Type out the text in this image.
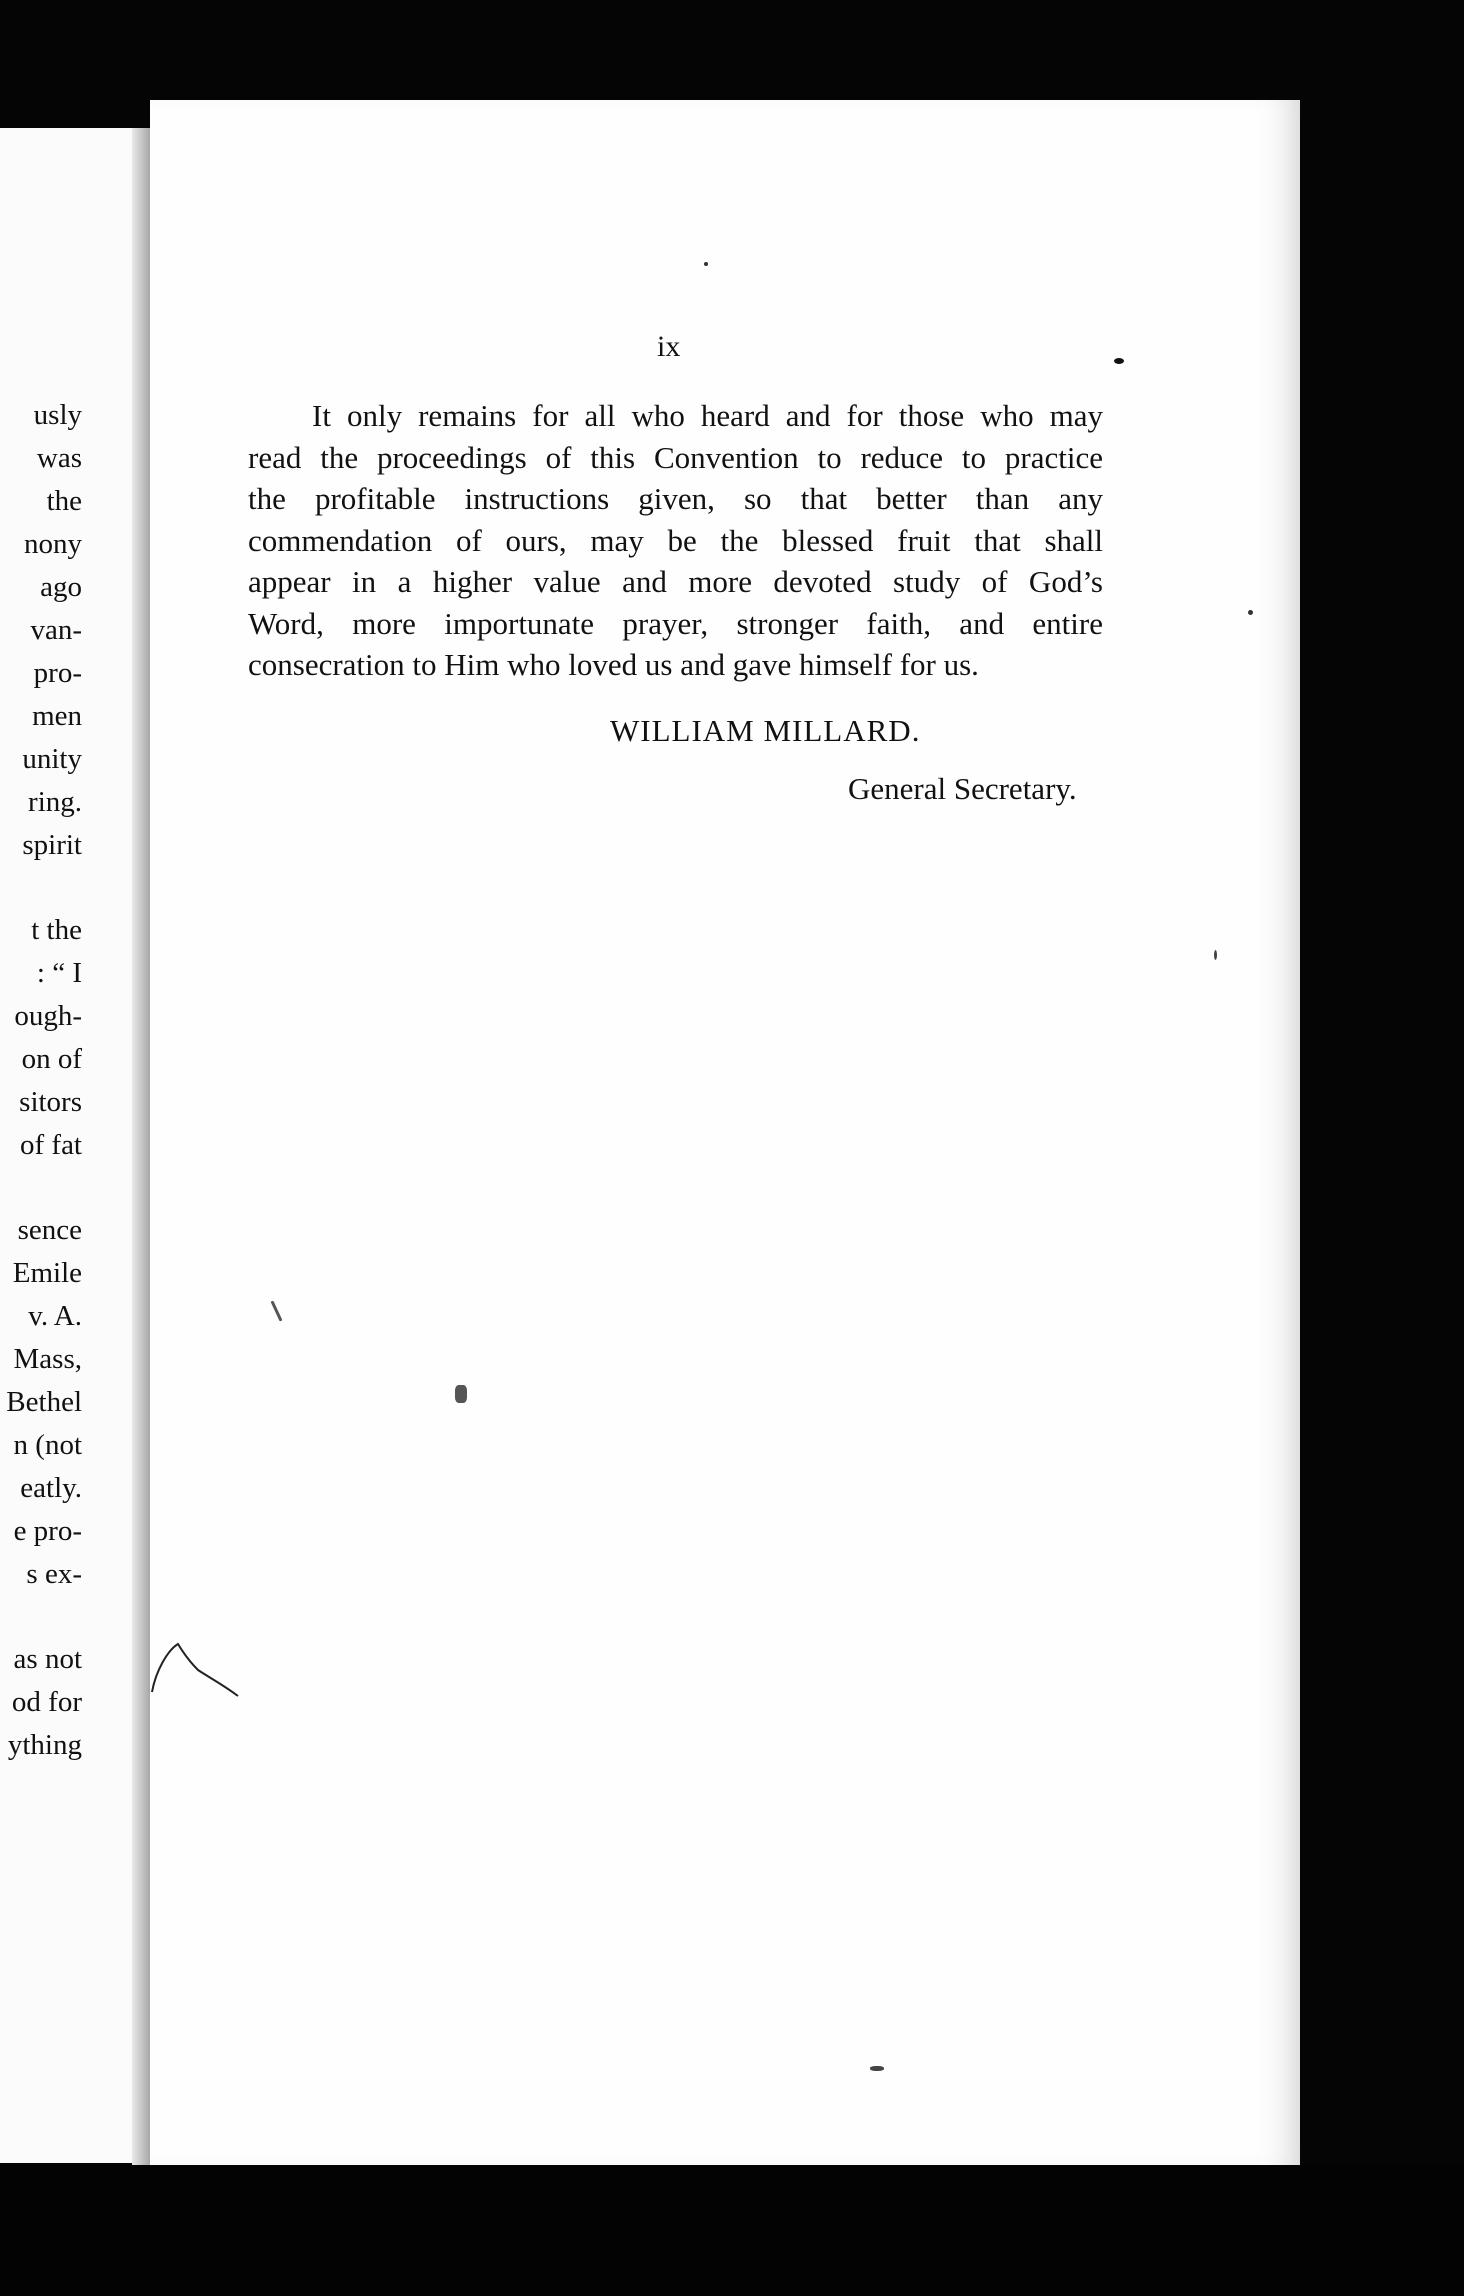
usly
was
the
nony
ago
van-
pro-
men
unity
ring.
spirit
t the
: “ I
ough-
on of
sitors
of fat
sence
Emile
v. A.
Mass,
Bethel
n (not
eatly.
e pro-
s ex-
as not
od for
ything
ix
It only remains for all who heard and for those who may
read the proceedings of this Convention to reduce to practice
the profitable instructions given, so that better than any
commendation of ours, may be the blessed fruit that shall
appear in a higher value and more devoted study of God’s
Word, more importunate prayer, stronger faith, and entire
consecration to Him who loved us and gave himself for us.
WILLIAM MILLARD.
General Secretary.
